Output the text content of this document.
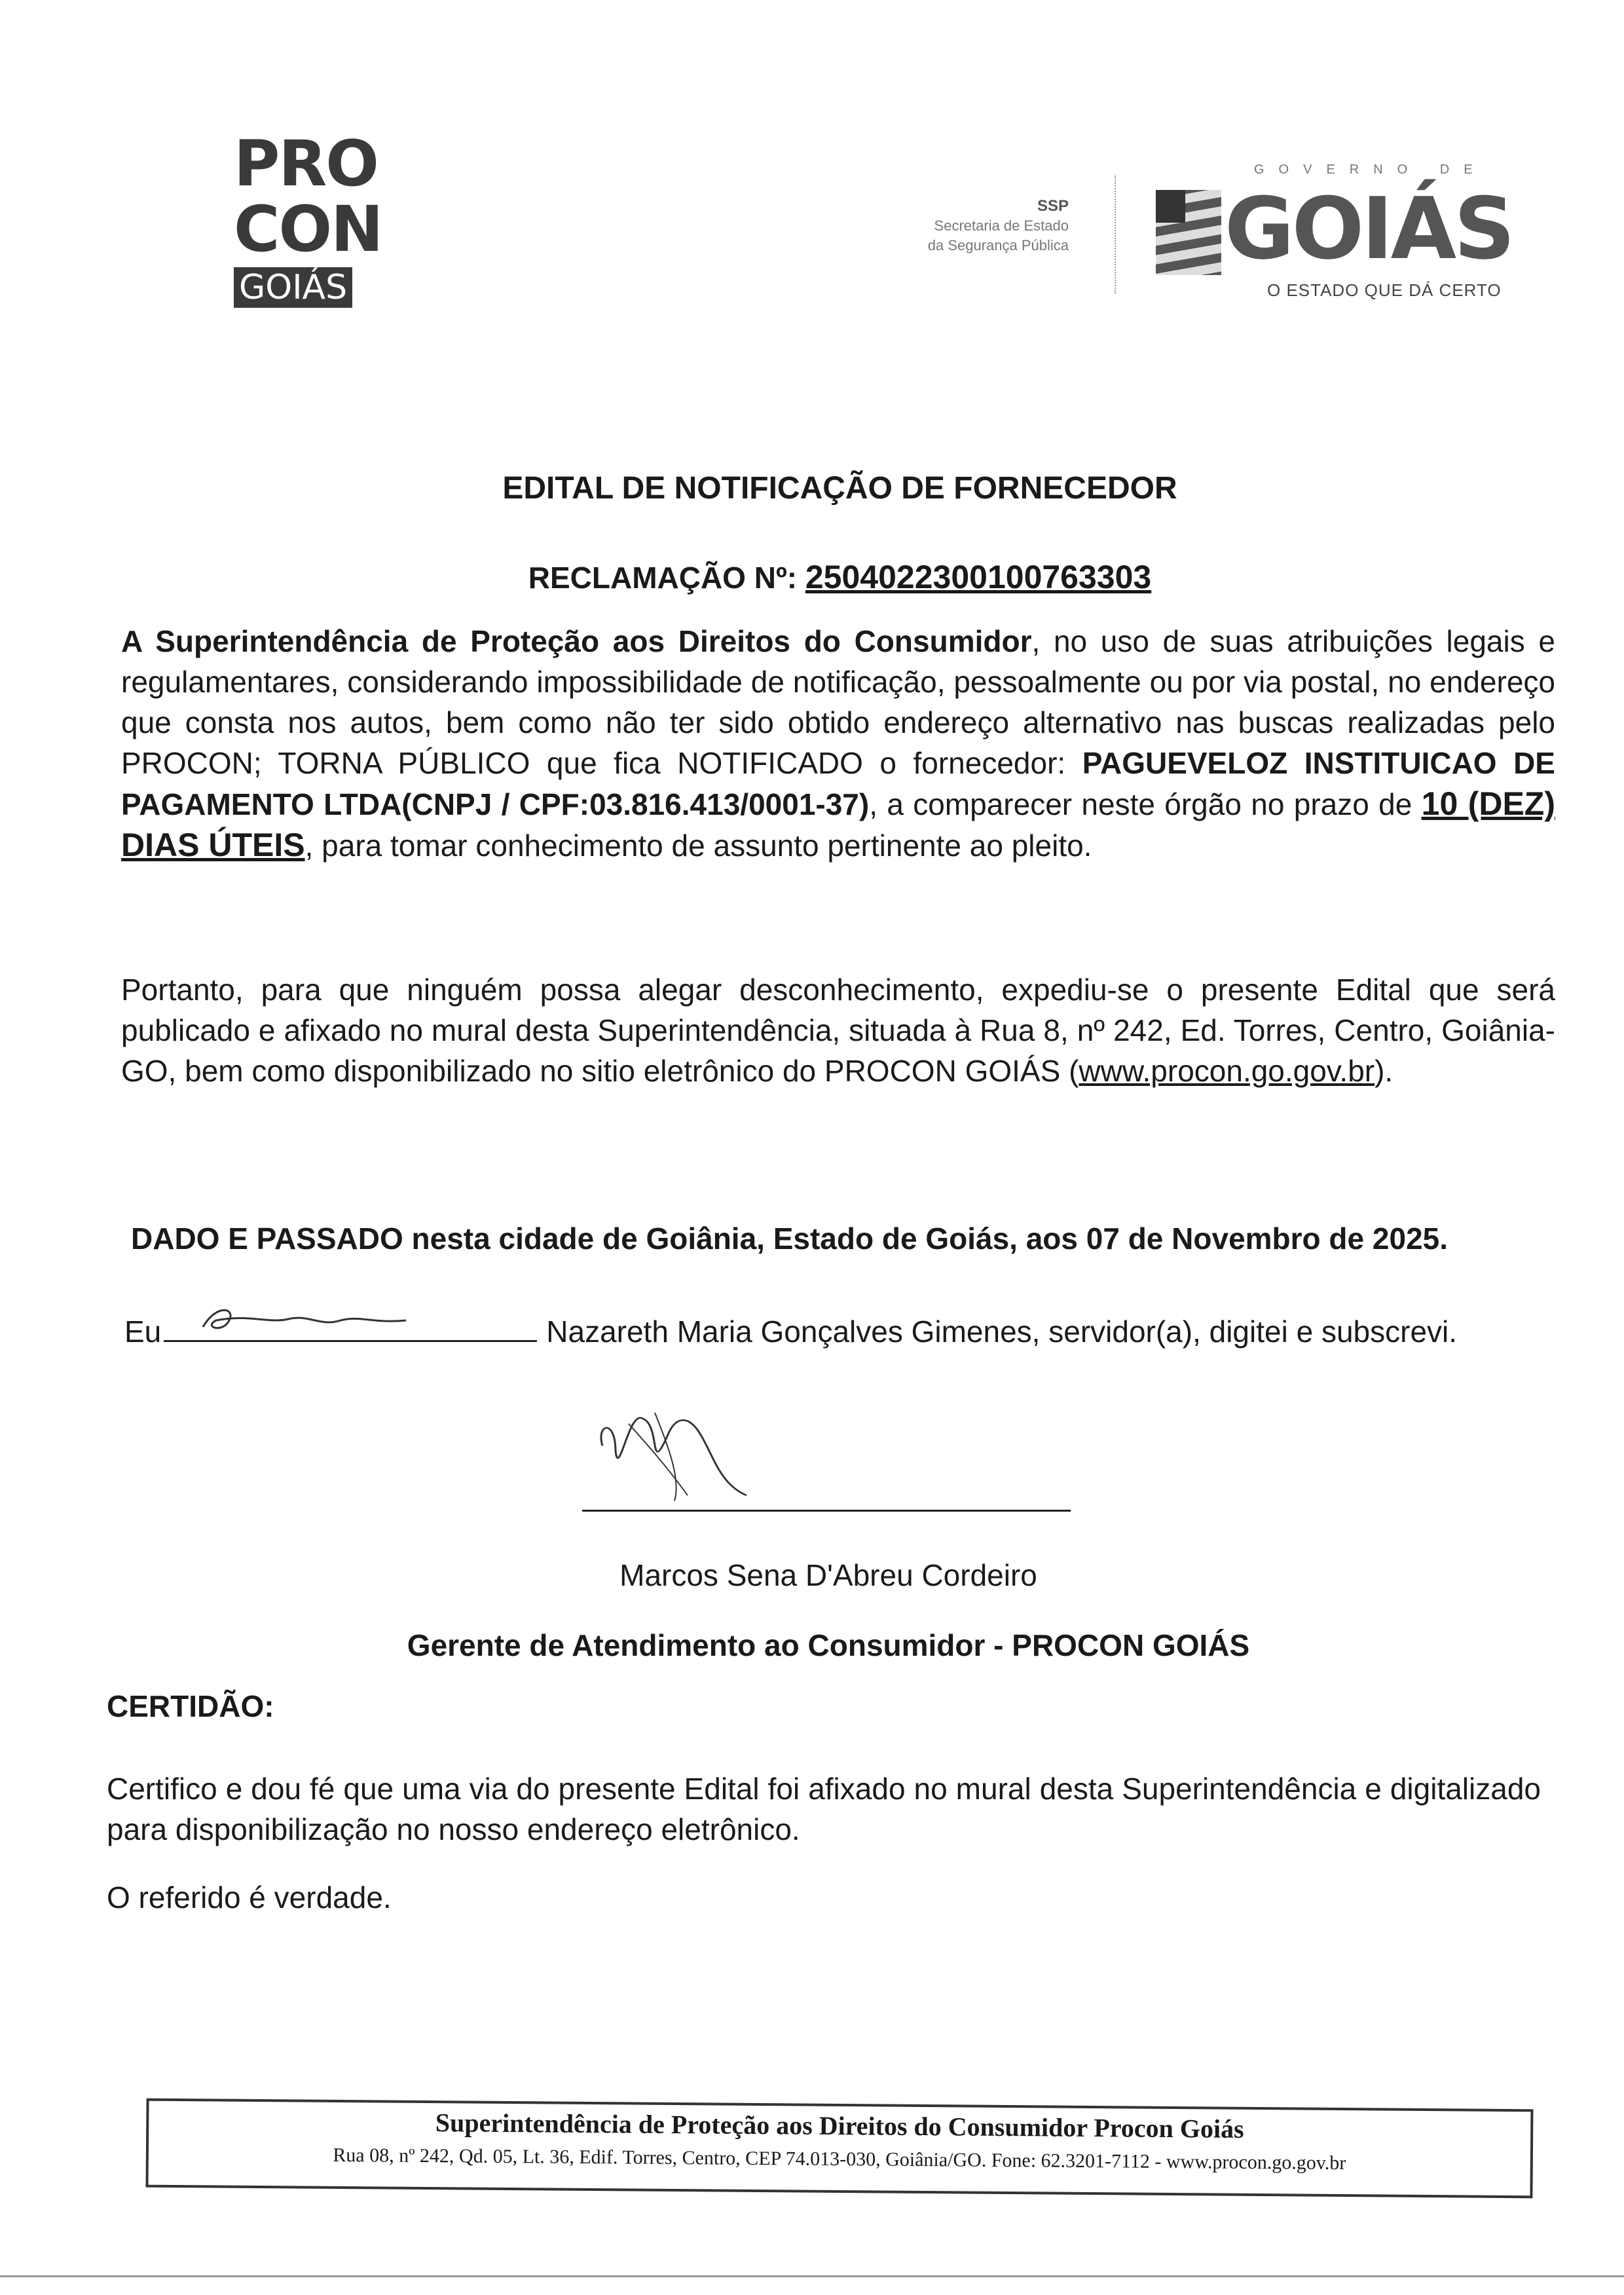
PRO
CON
GOIÁS
SSP
Secretaria de Estado
da Segurança Pública
GOVERNO DE
GOIÁS
O ESTADO QUE DÁ CERTO
EDITAL DE NOTIFICAÇÃO DE FORNECEDOR
RECLAMAÇÃO Nº: 2504022300100763303
A Superintendência de Proteção aos Direitos do Consumidor, no uso de suas atribuições legais e regulamentares, considerando impossibilidade de notificação, pessoalmente ou por via postal, no endereço que consta nos autos, bem como não ter sido obtido endereço alternativo nas buscas realizadas pelo PROCON; TORNA PÚBLICO que fica NOTIFICADO o fornecedor: PAGUEVELOZ INSTITUICAO DE PAGAMENTO LTDA(CNPJ / CPF:03.816.413/0001-37), a comparecer neste órgão no prazo de 10 (DEZ) DIAS ÚTEIS, para tomar conhecimento de assunto pertinente ao pleito.
Portanto, para que ninguém possa alegar desconhecimento, expediu-se o presente Edital que será publicado e afixado no mural desta Superintendência, situada à Rua 8, nº 242, Ed. Torres, Centro, Goiânia-GO, bem como disponibilizado no sitio eletrônico do PROCON GOIÁS (www.procon.go.gov.br).
DADO E PASSADO nesta cidade de Goiânia, Estado de Goiás, aos 07 de Novembro de 2025.
Eu	Nazareth Maria Gonçalves Gimenes, servidor(a), digitei e subscrevi.
Marcos Sena D'Abreu Cordeiro
Gerente de Atendimento ao Consumidor - PROCON GOIÁS
CERTIDÃO:
Certifico e dou fé que uma via do presente Edital foi afixado no mural desta Superintendência e digitalizado para disponibilização no nosso endereço eletrônico.
O referido é verdade.
Superintendência de Proteção aos Direitos do Consumidor Procon Goiás
Rua 08, nº 242, Qd. 05, Lt. 36, Edif. Torres, Centro, CEP 74.013-030, Goiânia/GO. Fone: 62.3201-7112 - www.procon.go.gov.br
